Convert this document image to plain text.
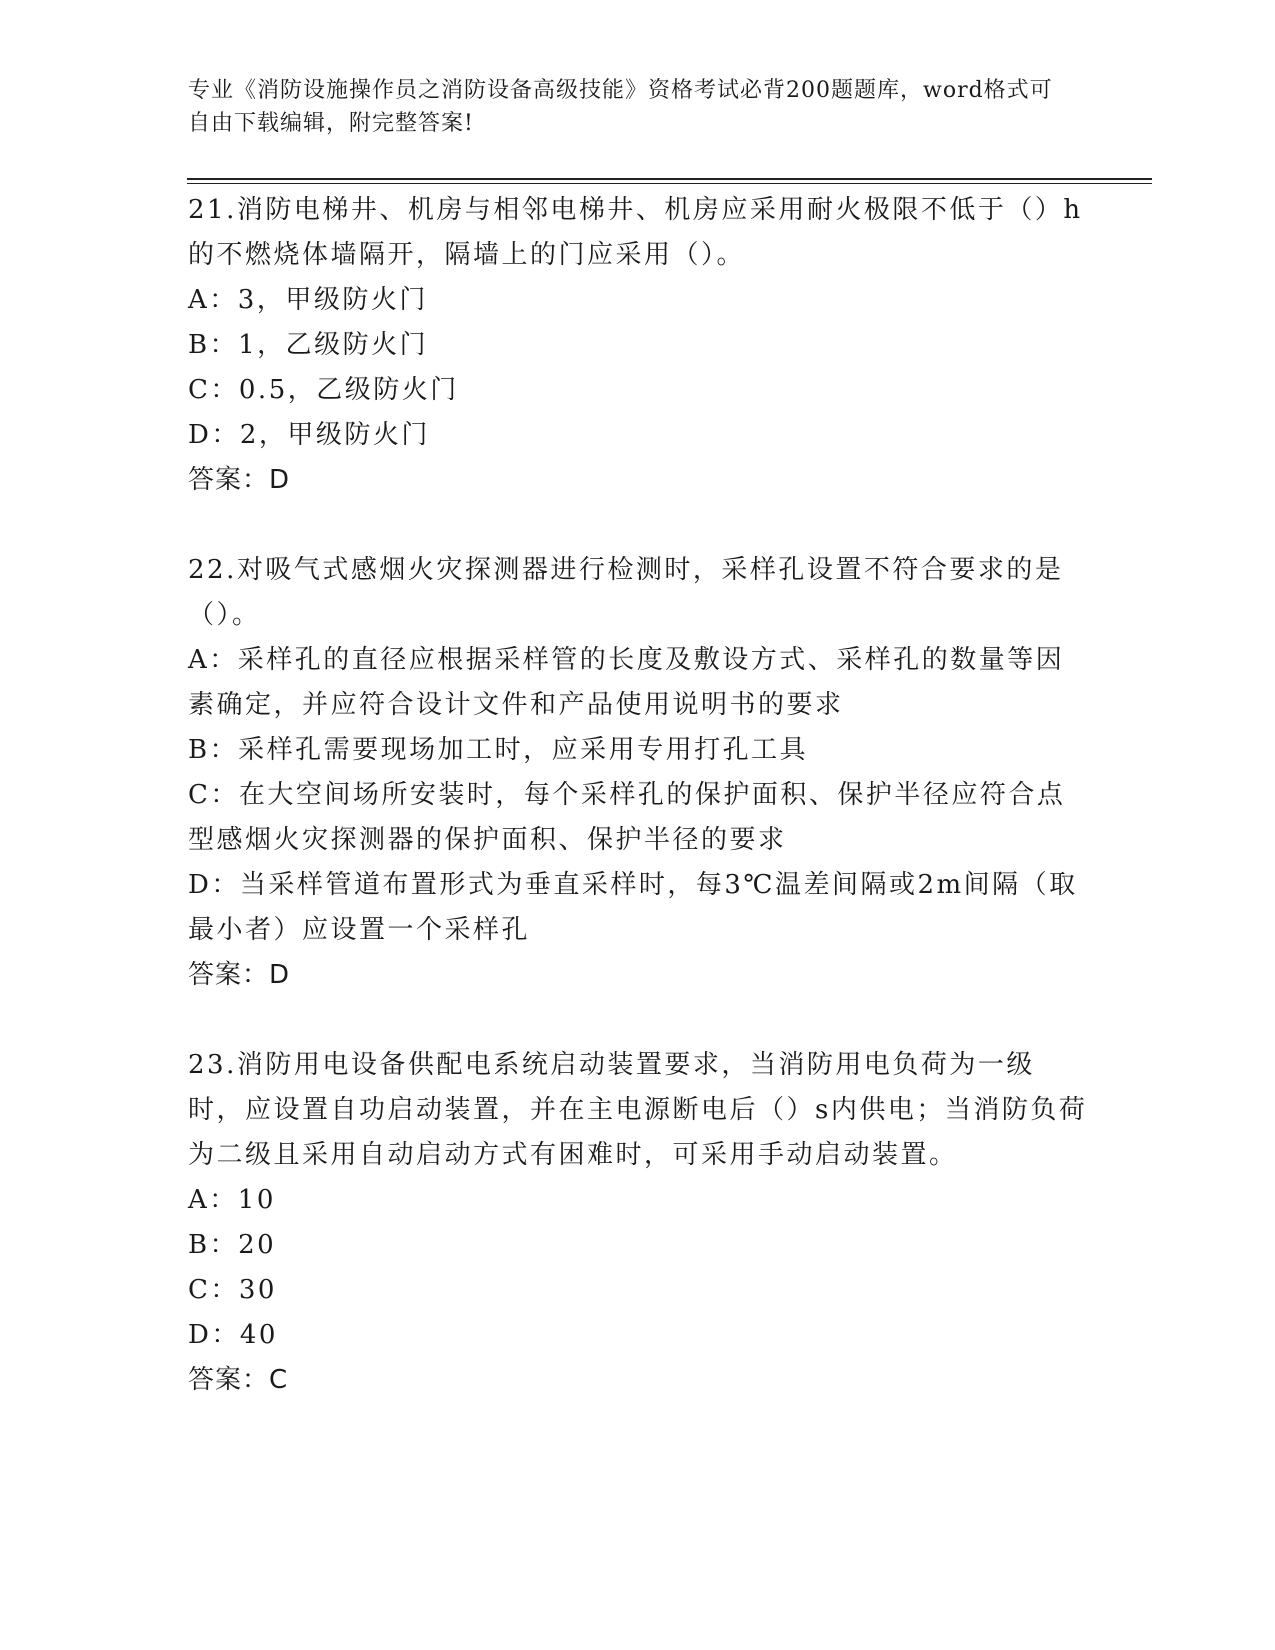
专业《消防设施操作员之消防设备高级技能》资格考试必背200题题库，word格式可自由下载编辑，附完整答案!

21.消防电梯井、机房与相邻电梯井、机房应采用耐火极限不低于（）h的不燃烧体墙隔开，隔墙上的门应采用（）。

A：3，甲级防火门

B：1，乙级防火门

C：0.5，乙级防火门

D：2，甲级防火门

答案：D

22.对吸气式感烟火灾探测器进行检测时，采样孔设置不符合要求的是（）。

A：采样孔的直径应根据采样管的长度及敷设方式、采样孔的数量等因素确定，并应符合设计文件和产品使用说明书的要求

B：采样孔需要现场加工时，应采用专用打孔工具

C：在大空间场所安装时，每个采样孔的保护面积、保护半径应符合点型感烟火灾探测器的保护面积、保护半径的要求

D：当采样管道布置形式为垂直采样时，每3℃温差间隔或2m间隔（取最小者）应设置一个采样孔

答案：D

23.消防用电设备供配电系统启动装置要求，当消防用电负荷为一级时，应设置自功启动装置，并在主电源断电后（）s内供电；当消防负荷为二级且采用自动启动方式有困难时，可采用手动启动装置。

A：10

B：20

C：30

D：40

答案：C
